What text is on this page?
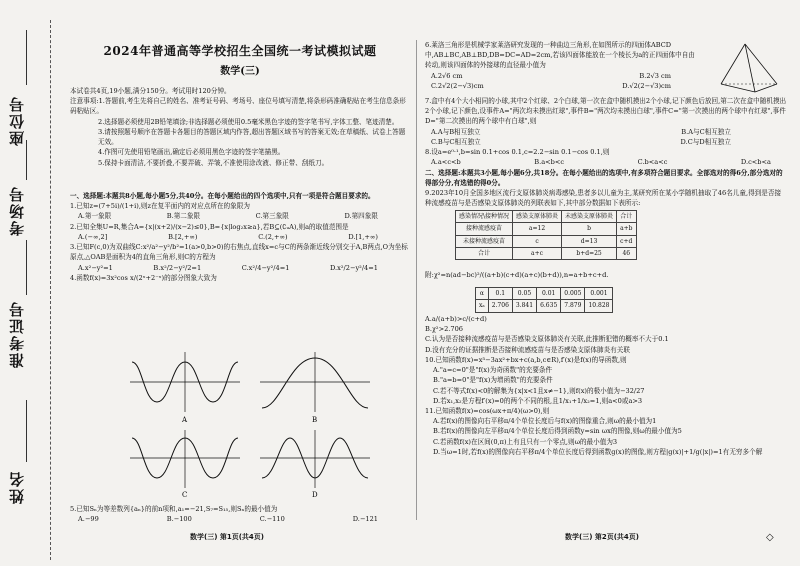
座位号
考场号
准考证号
姓名
2024年普通高等学校招生全国统一考试模拟试题
数学(三)

本试卷共4页,19小题,满分150分。考试用时120分钟。

注意事项:1.答题前,考生先将自己的姓名、准考证号码、考场号、座位号填写清楚,将条形码准确粘贴在考生信息条形码粘贴区。

2.选择题必须使用2B铅笔填涂;非选择题必须使用0.5毫米黑色字迹的签字笔书写,字体工整、笔迹清楚。

3.请按照题号顺序在答题卡各题目的答题区域内作答,超出答题区域书写的答案无效;在草稿纸、试卷上答题无效。

4.作图可先使用铅笔画出,确定后必须用黑色字迹的签字笔描黑。

5.保持卡面清洁,不要折叠,不要弄破、弄皱,不准使用涂改液、修正带、刮纸刀。

一、选择题:本题共8小题,每小题5分,共40分。在每小题给出的四个选项中,只有一项是符合题目要求的。

1.已知z=(7+5i)/(1+i),则z在复平面内的对应点所在的象限为

A.第一象限	B.第二象限	C.第三象限	D.第四象限

2.已知全集U=R,集合A={x|(x+2)/(x−2)≤0},B={x|log₂x≥a},若B⊆(∁ᵤA),则a的取值范围是

A.(−∞,2]	B.[2,+∞)	C.(2,+∞)	D.[1,+∞)

3.已知F(c,0)为双曲线C:x²/a²−y²/b²=1(a>0,b>0)的右焦点,直线x=c与C的两条渐近线分别交于A,B两点,O为坐标原点,△OAB是面积为4的直角三角形,则C的方程为

A.x²−y²=1	B.x²/2−y²/2=1	C.x²/4−y²/4=1	D.x²/2−y²/4=1

4.函数f(x)=3x²cos x/(2ˣ+2⁻ˣ)的部分图象大致为

A	B
C	D

5.已知Sₙ为等差数列{aₙ}的前n项和,a₁=−21,S₇=S₁₅,则Sₙ的最小值为

A.−99	B.−100	C.−110	D.−121
数学(三) 第1页(共4页)

6.莱洛三角形是机械学家莱洛研究发现的一种曲边三角形,在如图所示的四面体ABCD中,AB⊥BC,AB⊥BD,DB=DC=AD=2cm,若该四面体能放在一个棱长为a的正四面体中自由转动,则该四面体的外接球的直径最小值为

A.2√6 cm	B.2√3 cm
C.2√2(2−√3)cm	D.√2(2−√3)cm

7.盒中有4个大小相同的小球,其中2个红球、2个白球,第一次在盒中随机摸出2个小球,记下颜色后放回,第二次在盒中随机摸出2个小球,记下颜色,设事件A="两次均未摸出红球",事件B="两次均未摸出白球",事件C="第一次摸出的两个球中有红球",事件D="第二次摸出的两个球中有白球",则

A.A与B相互独立	B.A与C相互独立
C.B与C相互独立	D.C与D相互独立

8.设a=e⁰·¹,b=sin 0.1+cos 0.1,c=2.2−sin 0.1−cos 0.1,则

A.a<c<b	B.a<b<c	C.b<a<c	D.c<b<a

二、选择题:本题共3小题,每小题6分,共18分。在每小题给出的选项中,有多项符合题目要求。全部选对的得6分,部分选对的得部分分,有选错的得0分。

9.2023年10月全国多地区流行支原体肺炎病毒感染,患者多以儿童为主,某研究所在某小学随机抽取了46名儿童,得到是否接种流感疫苗与是否感染支原体肺炎的列联表如下,其中部分数据如下表所示:

感染情况\接种情况	感染支原体肺炎	未感染支原体肺炎	合计
接种流感疫苗	a=12	b	a+b
未接种流感疫苗	c	d=13	c+d
合计	a+c	b+d=25	46
附:χ²=n(ad−bc)²/((a+b)(c+d)(a+c)(b+d)),n=a+b+c+d.
α	0.1	0.05	0.01	0.005	0.001
xₐ	2.706	3.841	6.635	7.879	10.828

A.a/(a+b)>c/(c+d)

B.χ²>2.706

C.认为是否接种流感疫苗与是否感染支原体肺炎有关联,此推断犯错的概率不大于0.1

D.没有充分的证据推断是否接种流感疫苗与是否感染支原体肺炎有关联

10.已知函数f(x)=x³−3ax²+bx+c(a,b,c∈R),f′(x)是f(x)的导函数,则

A."a=c=0"是"f(x)为奇函数"的充要条件

B."a=b=0"是"f(x)为增函数"的充要条件

C.若不等式f(x)<0的解集为{x|x<1且x≠−1},则f(x)的极小值为−32/27

D.若x₁,x₂是方程f′(x)=0的两个不同的根,且1/x₁+1/x₂=1,则a<0或a>3

11.已知函数f(x)=cos(ωx+π/4)(ω>0),则

A.若f(x)的图像向右平移π/4个单位长度后与f(x)的图像重合,则ω的最小值为1

B.若f(x)的图像向左平移π/4个单位长度后得到函数y=sin ωx的图像,则ω的最小值为5

C.若函数f(x)在区间(0,π)上有且只有一个零点,则ω的最小值为3

D.当ω=1时,若f(x)的图像向右平移π/4个单位长度后得到函数g(x)的图像,则方程|g(x)|+1/g(|x|)=1有无穷多个解

数学(三) 第2页(共4页)	◇
